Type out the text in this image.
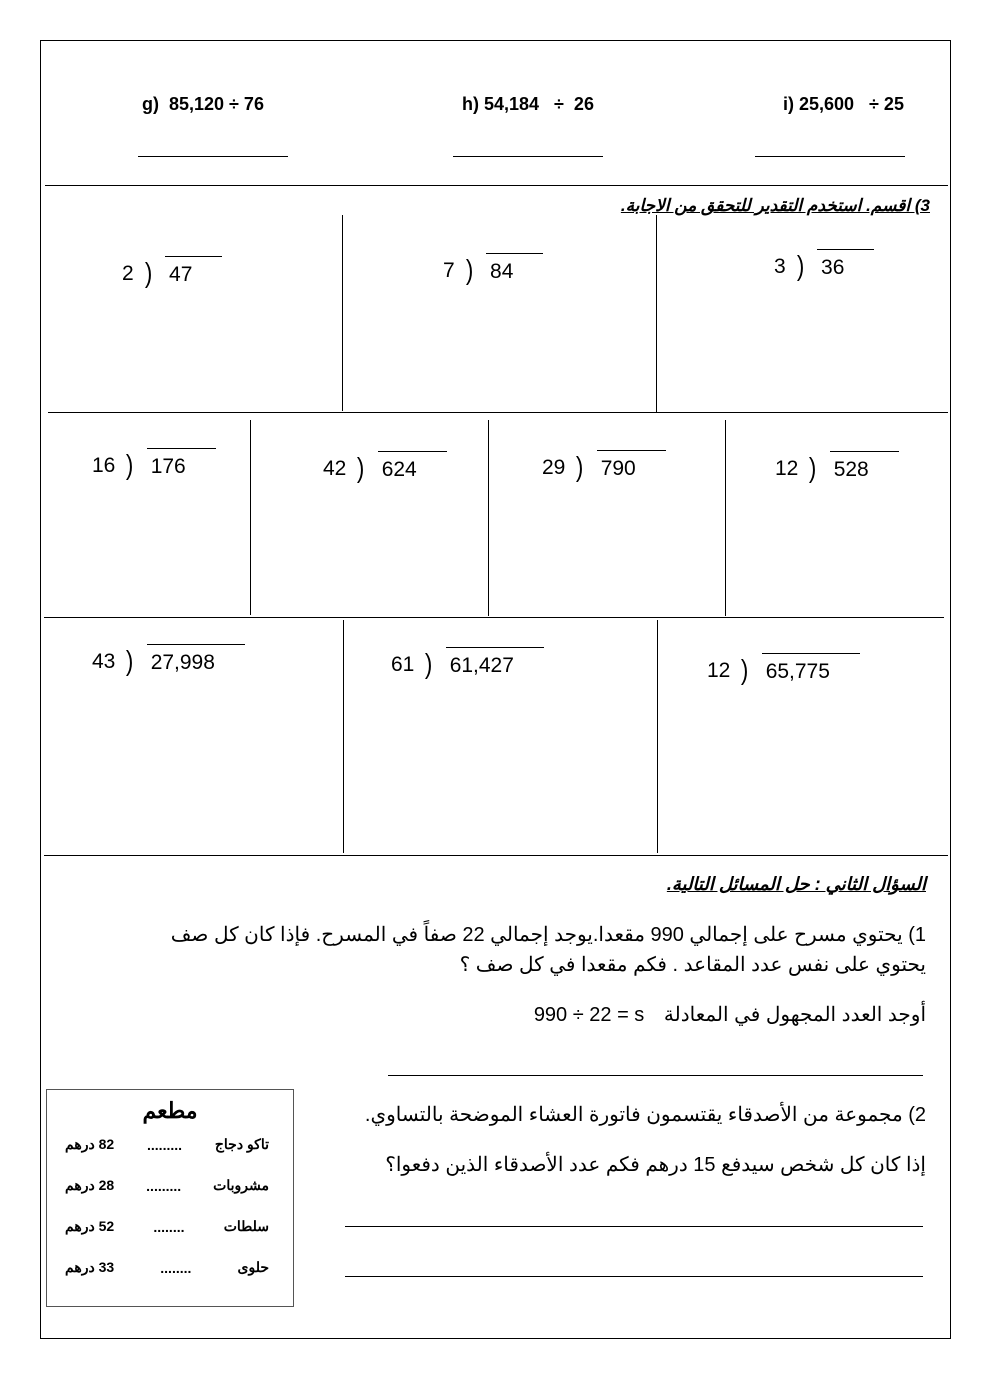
g)  85,120 ÷ 76	h) 54,184   ÷  26	i) 25,600   ÷ 25
3) اقسم. استخدم التقدير للتحقق من الاجابة.
2 ) 47	7 ) 84	3 ) 36
16 ) 176	42 ) 624	29 ) 790	12 ) 528
43 ) 27,998	61 ) 61,427	12 ) 65,775
السؤال الثاني : حل المسائل التالية.
1) يحتوي مسرح على إجمالي 990 مقعدا.يوجد إجمالي 22 صفاً في المسرح. فإذا كان كل صف
يحتوي على نفس عدد المقاعد . فكم مقعدا في كل صف ؟
أوجد العدد المجهول في المعادلة 990 ÷ 22 = s
2) مجموعة من الأصدقاء يقتسمون فاتورة العشاء الموضحة بالتساوي.
إذا كان كل شخص سيدفع 15 درهم فكم عدد الأصدقاء الذين دفعوا؟
مطعم
تاكو دجاج
.........
82 درهم
مشروبات
.........
28 درهم
سلطات
........
52 درهم
حلوى
........
33 درهم
